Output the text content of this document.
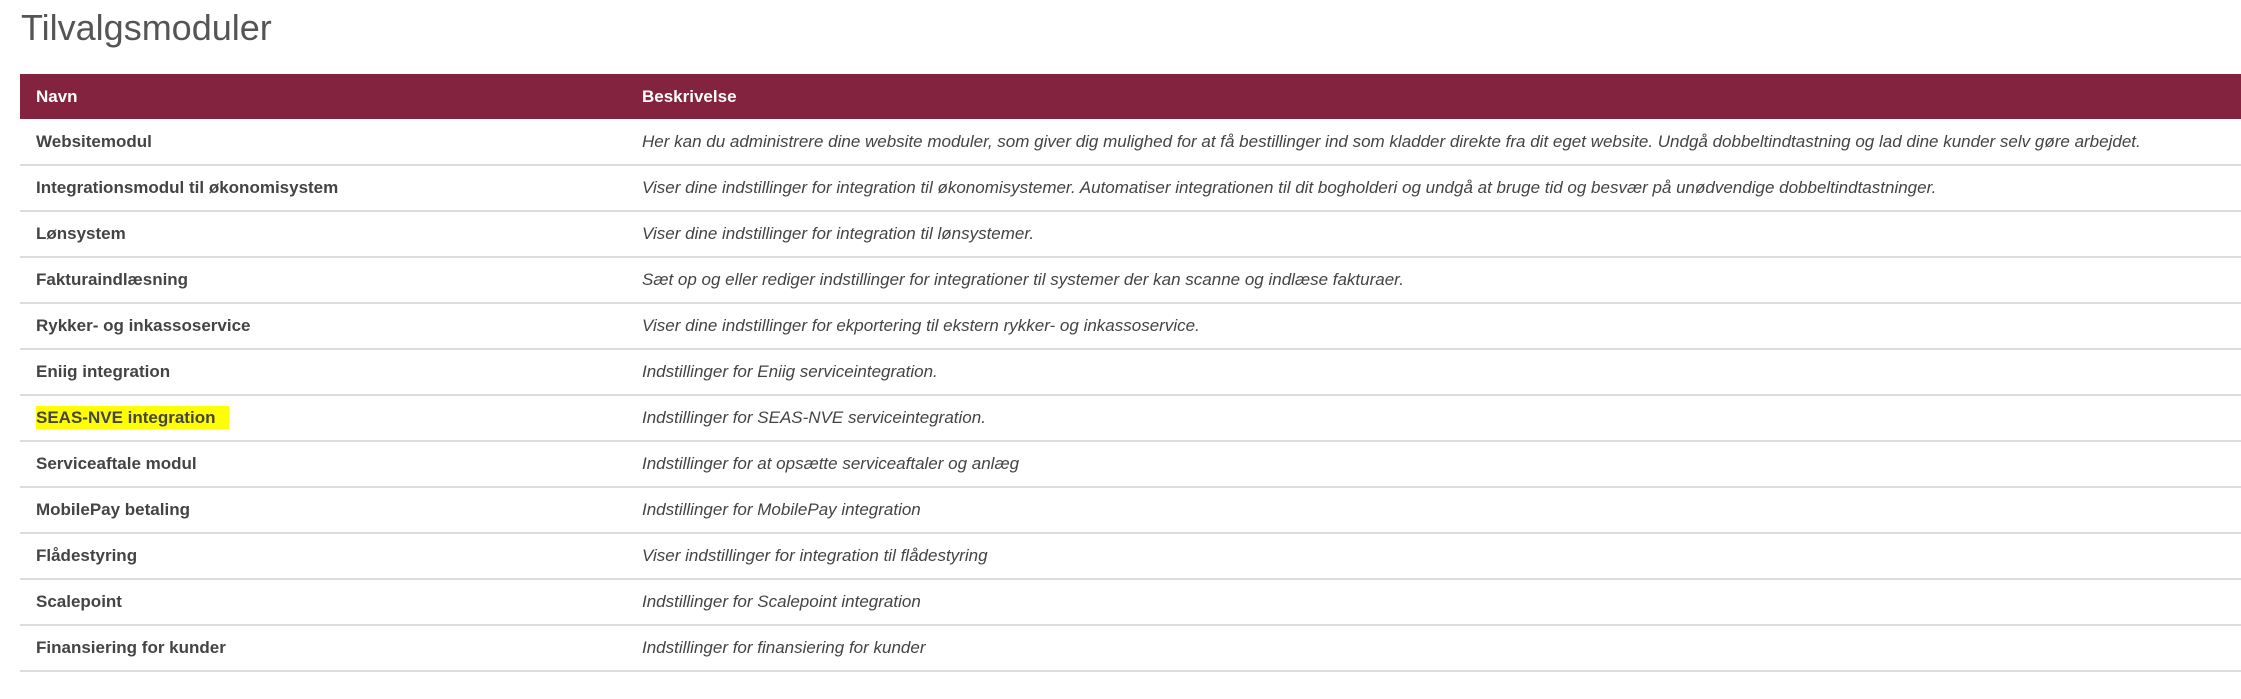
Tilvalgsmoduler
Navn	Beskrivelse
Websitemodul	Her kan du administrere dine website moduler, som giver dig mulighed for at få bestillinger ind som kladder direkte fra dit eget website. Undgå dobbeltindtastning og lad dine kunder selv gøre arbejdet.
Integrationsmodul til økonomisystem	Viser dine indstillinger for integration til økonomisystemer. Automatiser integrationen til dit bogholderi og undgå at bruge tid og besvær på unødvendige dobbeltindtastninger.
Lønsystem	Viser dine indstillinger for integration til lønsystemer.
Fakturaindlæsning	Sæt op og eller rediger indstillinger for integrationer til systemer der kan scanne og indlæse fakturaer.
Rykker- og inkassoservice	Viser dine indstillinger for ekportering til ekstern rykker- og inkassoservice.
Eniig integration	Indstillinger for Eniig serviceintegration.
SEAS-NVE integration	Indstillinger for SEAS-NVE serviceintegration.
Serviceaftale modul	Indstillinger for at opsætte serviceaftaler og anlæg
MobilePay betaling	Indstillinger for MobilePay integration
Flådestyring	Viser indstillinger for integration til flådestyring
Scalepoint	Indstillinger for Scalepoint integration
Finansiering for kunder	Indstillinger for finansiering for kunder
